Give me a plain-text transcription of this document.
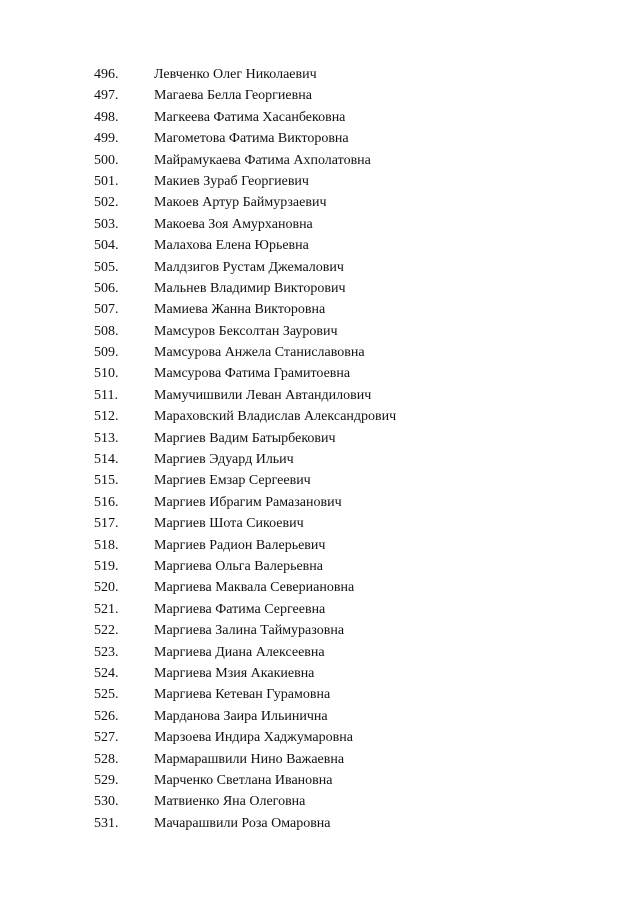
496.	Левченко Олег Николаевич
497.	Магаева Белла Георгиевна
498.	Магкеева Фатима Хасанбековна
499.	Магометова Фатима Викторовна
500.	Майрамукаева Фатима Ахполатовна
501.	Макиев Зураб Георгиевич
502.	Макоев Артур Баймурзаевич
503.	Макоева Зоя Амурхановна
504.	Малахова Елена Юрьевна
505.	Малдзигов Рустам Джемалович
506.	Мальнев Владимир Викторович
507.	Мамиева Жанна Викторовна
508.	Мамсуров Бексолтан Заурович
509.	Мамсурова Анжела Станиславовна
510.	Мамсурова Фатима Грамитоевна
511.	Мамучишвили Леван Автандилович
512.	Мараховский Владислав Александрович
513.	Маргиев Вадим Батырбекович
514.	Маргиев Эдуард Ильич
515.	Маргиев Емзар Сергеевич
516.	Маргиев Ибрагим Рамазанович
517.	Маргиев Шота Сикоевич
518.	Маргиев Радион Валерьевич
519.	Маргиева Ольга Валерьевна
520.	Маргиева Маквала Севериановна
521.	Маргиева Фатима Сергеевна
522.	Маргиева Залина Таймуразовна
523.	Маргиева Диана Алексеевна
524.	Маргиева Мзия Акакиевна
525.	Маргиева Кетеван Гурамовна
526.	Марданова Заира Ильинична
527.	Марзоева Индира Хаджумаровна
528.	Мармарашвили Нино Важаевна
529.	Марченко Светлана Ивановна
530.	Матвиенко Яна Олеговна
531.	Мачарашвили Роза Омаровна
